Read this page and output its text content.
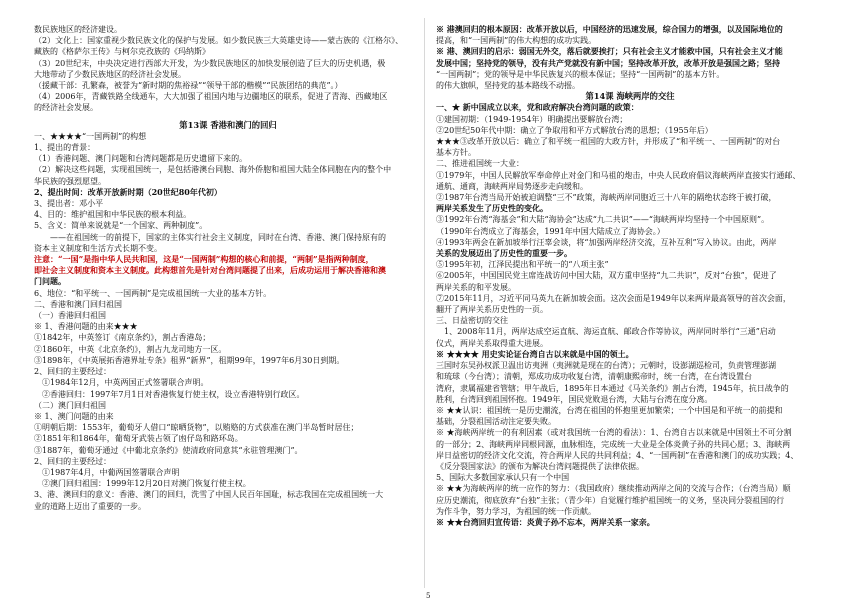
数民族地区的经济建设。

（2）文化上：国家重视少数民族文化的保护与发展。如少数民族三大英雄史诗——蒙古族的《江格尔》、

藏族的《格萨尔王传》与柯尔克孜族的《玛纳斯》

（3）20世纪末，中央决定进行西部大开发，为少数民族地区的加快发展创造了巨大的历史机遇，极

大地带动了少数民族地区的经济社会发展。

（援藏干部：孔繁森，被誉为“新时期的焦裕禄”“领导干部的楷模”“民族团结的典范”。）

（4）2006年，青藏铁路全线通车，大大加强了祖国内地与边疆地区的联系，促进了青海、西藏地区

的经济社会发展。

第13课 香港和澳门的回归

一、★★★★“一国两制”的构想

1、提出的背景：

（1）香港问题、澳门问题和台湾问题都是历史遗留下来的。

（2）解决这些问题，实现祖国统一，是包括港澳台同胞、海外侨胞和祖国大陆全体同胞在内的整个中

华民族的强烈愿望。

2、提出时间：改革开放新时期（20世纪80年代初）

3、提出者：邓小平

4、目的：维护祖国和中华民族的根本利益。

5、含义：简单来说就是“一个国家、两种制度”。

　　——在祖国统一的前提下，国家的主体实行社会主义制度，同时在台湾、香港、澳门保持原有的

资本主义制度和生活方式长期不变。

注意：“一国”是指中华人民共和国，这是“一国两制”构想的核心和前提，“两制”是指两种制度，

即社会主义制度和资本主义制度。此构想首先是针对台湾问题提了出来，后成功运用于解决香港和澳

门问题。

6、地位：“和平统一、一国两制”是完成祖国统一大业的基本方针。

二、香港和澳门回归祖国

（一）香港回归祖国

※ 1、香港问题的由来★★★

①1842年，中英签订《南京条约》，割占香港岛；

②1860年，中英《北京条约》，割占九龙司地方一区。

③1898年，《中英展拓香港界址专条》租界“新界”，租期99年，1997年6月30日到期。

2、回归的主要经过：

　①1984年12月，中英两国正式签署联合声明。

　②香港回归：1997年7月1日对香港恢复行使主权，设立香港特别行政区。

（二）澳门回归祖国

※ 1、澳门问题的由来

①明朝后期：1553年，葡萄牙人借口“晾晒货物”，以贿赂的方式获准在澳门半岛暂时居住；

②1851年和1864年，葡萄牙武装占领了凼仔岛和路环岛。

③1887年，葡萄牙通过《中葡北京条约》使清政府同意其“永驻管理澳门”。

2、回归的主要经过：

　①1987年4月，中葡两国签署联合声明

　②澳门回归祖国：1999年12月20日对澳门恢复行使主权。

3、港、澳回归的意义：香港、澳门的回归，洗雪了中国人民百年国耻，标志我国在完成祖国统一大

业的道路上迈出了重要的一步。

※ 港澳回归的根本原因：改革开放以后，中国经济的迅速发展，综合国力的增强，以及国际地位的

提高，和“一国两制”的伟大构想的成功实践。

※ 港、澳回归的启示：弱国无外交，落后就要挨打；只有社会主义才能救中国，只有社会主义才能

发展中国；坚持党的领导，没有共产党就没有新中国；坚持改革开放，改革开放是强国之路；坚持

“一国两制”；党的领导是中华民族复兴的根本保证；坚持“一国两制”的基本方针。

的伟大旗帜，坚持党的基本路线不动摇。

第14课 海峡两岸的交往

一、★ 新中国成立以来，党和政府解决台湾问题的政策：

①建国初期：（1949-1954年）明确提出要解放台湾；

②20世纪50年代中期：确立了争取用和平方式解放台湾的思想；（1955年后）

★★★③改革开放以后：确立了和平统一祖国的大政方针，并形成了“和平统一、一国两制”的对台

基本方针。

二、推进祖国统一大业：

①1979年，中国人民解放军奉命停止对金门和马祖的炮击，中央人民政府倡议海峡两岸直接实行通邮、

通航、通商，海峡两岸局势逐步走向缓和。

②1987年台湾当局开始被迫调整“三不”政策，海峡两岸同胞近三十八年的隔绝状态终于被打破，

两岸关系发生了历史性的变化。

③1992年台湾“海基会”和大陆“海协会”达成“九二共识”——“海峡两岸均坚持一个中国原则”。

（1990年台湾成立了海基会，1991年中国大陆成立了海协会。）

④1993年两会在新加坡举行汪辜会谈，将“加强两岸经济交流，互补互利”写入协议。由此，两岸

关系的发展迈出了历史性的重要一步。

⑤1995年初，江泽民提出和平统一的“八项主张”

⑥2005年，中国国民党主席连战访问中国大陆，双方重申坚持“九二共识”，反对“台独”，促进了

两岸关系的和平发展。

⑦2015年11月，习近平同马英九在新加坡会面。这次会面是1949年以来两岸最高领导的首次会面，

翻开了两岸关系历史性的一页。

三、日益密切的交往

　1、2008年11月，两岸达成空运直航、海运直航、邮政合作等协议，两岸同时举行“三通”启动

仪式，两岸关系取得重大进展。

※ ★★★★ 用史实论证台湾自古以来就是中国的领土。

三国时东吴孙权派卫温出访夷洲（夷洲就是现在的台湾）；元朝时，设澎湖巡检司，负责管理澎湖

和琉球（今台湾）；清朝，郑成功成功收复台湾，清朝康熙帝时，统一台湾，在台湾设置台

湾府，隶属福建省管辖；甲午战后，1895年日本通过《马关条约》割占台湾，1945年，抗日战争的

胜利，台湾回到祖国怀抱。1949年，国民党败退台湾，大陆与台湾在度分离。

※ ★★认识：祖国统一是历史潮流，台湾在祖国的怀抱里更加繁荣；一个中国是和平统一的前提和

基础，分裂祖国活动注定要失败。

※ ★海峡两岸统一的有利因素（或对我国统一台湾的看法）：1、台湾自古以来就是中国领土不可分割

的一部分；2、海峡两岸同根同源，血脉相连，完成统一大业是全体炎黄子孙的共同心愿；3、海峡两

岸日益密切的经济文化交流，符合两岸人民的共同利益；4、“一国两制”在香港和澳门的成功实践；4、

《反分裂国家法》的颁布为解决台湾问题提供了法律依据。

5、国际大多数国家承认只有一个中国

※ ★★为海峡两岸的统一应作的努力：（我国政府）继续推动两岸之间的交流与合作；（台湾当局）顺

应历史潮流，彻底放弃“台独”主张；（青少年）自觉履行维护祖国统一的义务，坚决同分裂祖国的行

为作斗争，努力学习，为祖国的统一作贡献。

※ ★★台湾回归宣传语：炎黄子孙不忘本，两岸关系一家亲。

5
